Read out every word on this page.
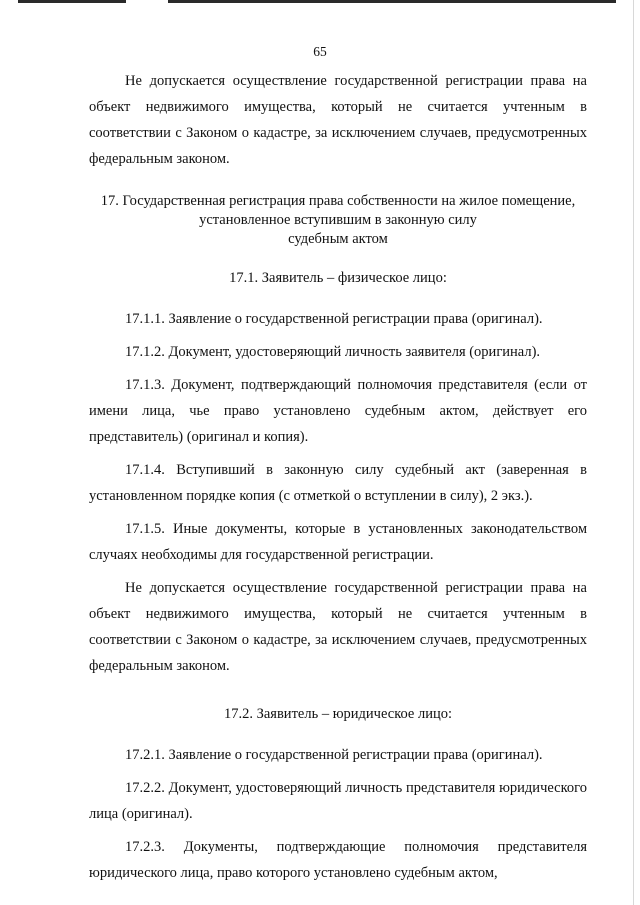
65

Не допускается осуществление государственной регистрации права на объект недвижимого имущества, который не считается учтенным в соответствии с Законом о кадастре, за исключением случаев, предусмотренных федеральным законом.

17. Государственная регистрация права собственности на жилое помещение,
установленное вступившим в законную силу
судебным актом
17.1. Заявитель – физическое лицо:

17.1.1. Заявление о государственной регистрации права (оригинал).

17.1.2. Документ, удостоверяющий личность заявителя (оригинал).

17.1.3. Документ, подтверждающий полномочия представителя (если от имени лица, чье право установлено судебным актом, действует его представитель) (оригинал и копия).

17.1.4. Вступивший в законную силу судебный акт (заверенная в установленном порядке копия (с отметкой о вступлении в силу), 2 экз.).

17.1.5. Иные документы, которые в установленных законодательством случаях необходимы для государственной регистрации.

Не допускается осуществление государственной регистрации права на объект недвижимого имущества, который не считается учтенным в соответствии с Законом о кадастре, за исключением случаев, предусмотренных федеральным законом.

17.2. Заявитель – юридическое лицо:

17.2.1. Заявление о государственной регистрации права (оригинал).

17.2.2. Документ, удостоверяющий личность представителя юридического лица (оригинал).

17.2.3. Документы, подтверждающие полномочия представителя юридического лица, право которого установлено судебным актом,
